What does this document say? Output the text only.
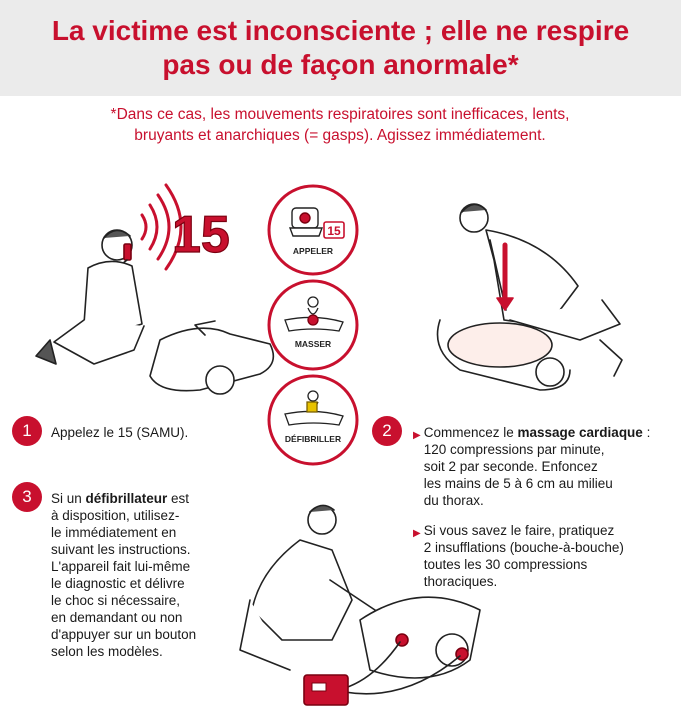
La victime est inconsciente ; elle ne respire
pas ou de façon anormale*
*Dans ce cas, les mouvements respiratoires sont inefficaces, lents,
bruyants et anarchiques (= gasps). Agissez immédiatement.
15	15
APPELER
MASSER
DÉFIBRILLER
1	Appelez le 15 (SAMU).
3	Si un défibrillateur est
à disposition, utilisez-
le immédiatement en
suivant les instructions.
L'appareil fait lui-même
le diagnostic et délivre
le choc si nécessaire,
en demandant ou non
d'appuyer sur un bouton
selon les modèles.
2	▶ Commencez le massage cardiaque :
120 compressions par minute,
soit 2 par seconde. Enfoncez
les mains de 5 à 6 cm au milieu
du thorax.
▶ Si vous savez le faire, pratiquez
2 insufflations (bouche-à-bouche)
toutes les 30 compressions
thoraciques.
